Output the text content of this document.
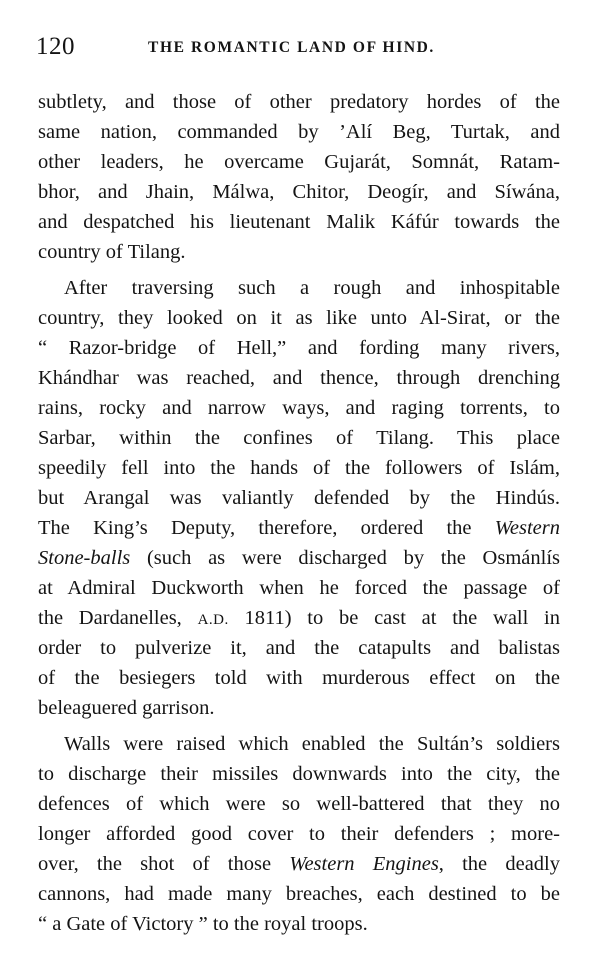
120	THE ROMANTIC LAND OF HIND.
subtlety, and those of other predatory hordes of the
same nation, commanded by ’Alí Beg, Turtak, and
other leaders, he overcame Gujarát, Somnát, Ratam-
bhor, and Jhain, Málwa, Chitor, Deogír, and Síwána,
and despatched his lieutenant Malik Káfúr towards the
country of Tilang.
After traversing such a rough and inhospitable
country, they looked on it as like unto Al-Sirat, or the
“ Razor-bridge of Hell,” and fording many rivers,
Khándhar was reached, and thence, through drenching
rains, rocky and narrow ways, and raging torrents, to
Sarbar, within the confines of Tilang. This place
speedily fell into the hands of the followers of Islám,
but Arangal was valiantly defended by the Hindús.
The King’s Deputy, therefore, ordered the Western
Stone-balls (such as were discharged by the Osmánlís
at Admiral Duckworth when he forced the passage of
the Dardanelles, A.D. 1811) to be cast at the wall in
order to pulverize it, and the catapults and balistas
of the besiegers told with murderous effect on the
beleaguered garrison.
Walls were raised which enabled the Sultán’s soldiers
to discharge their missiles downwards into the city, the
defences of which were so well-battered that they no
longer afforded good cover to their defenders ; more-
over, the shot of those Western Engines, the deadly
cannons, had made many breaches, each destined to be
“ a Gate of Victory ” to the royal troops.
